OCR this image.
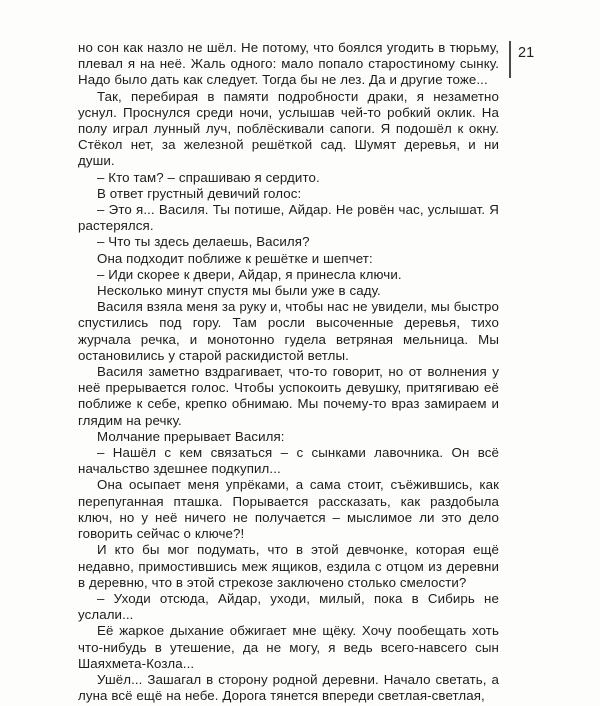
21

но сон как назло не шёл. Не потому, что боялся угодить в тюрьму, плевал я на неё. Жаль одного: мало попало старостиному сынку. Надо было дать как следует. Тогда бы не лез. Да и другие тоже...

Так, перебирая в памяти подробности драки, я незаметно уснул. Проснулся среди ночи, услышав чей-то робкий оклик. На полу играл лунный луч, поблёскивали сапоги. Я подошёл к окну. Стёкол нет, за железной решёткой сад. Шумят деревья, и ни души.

– Кто там? – спрашиваю я сердито.

В ответ грустный девичий голос:

– Это я... Василя. Ты потише, Айдар. Не ровён час, услышат. Я растерялся.

– Что ты здесь делаешь, Василя?

Она подходит поближе к решётке и шепчет:

– Иди скорее к двери, Айдар, я принесла ключи.

Несколько минут спустя мы были уже в саду.

Василя взяла меня за руку и, чтобы нас не увидели, мы быстро спустились под гору. Там росли высоченные деревья, тихо журчала речка, и монотонно гудела ветряная мельница. Мы остановились у старой раскидистой ветлы.

Василя заметно вздрагивает, что-то говорит, но от волнения у неё прерывается голос. Чтобы успокоить девушку, притягиваю её поближе к себе, крепко обнимаю. Мы почему-то враз замираем и глядим на речку.

Молчание прерывает Василя:

– Нашёл с кем связаться – с сынками лавочника. Он всё начальство здешнее подкупил...

Она осыпает меня упрёками, а сама стоит, съёжившись, как перепуганная пташка. Порывается рассказать, как раздобыла ключ, но у неё ничего не получается – мыслимое ли это дело говорить сейчас о ключе?!

И кто бы мог подумать, что в этой девчонке, которая ещё недавно, примостившись меж ящиков, ездила с отцом из деревни в деревню, что в этой стрекозе заключено столько смелости?

– Уходи отсюда, Айдар, уходи, милый, пока в Сибирь не услали...

Её жаркое дыхание обжигает мне щёку. Хочу пообещать хоть что-нибудь в утешение, да не могу, я ведь всего-навсего сын Шаяхмета-Козла...

Ушёл... Зашагал в сторону родной деревни. Начало светать, а луна всё ещё на небе. Дорога тянется впереди светлая-светлая,
